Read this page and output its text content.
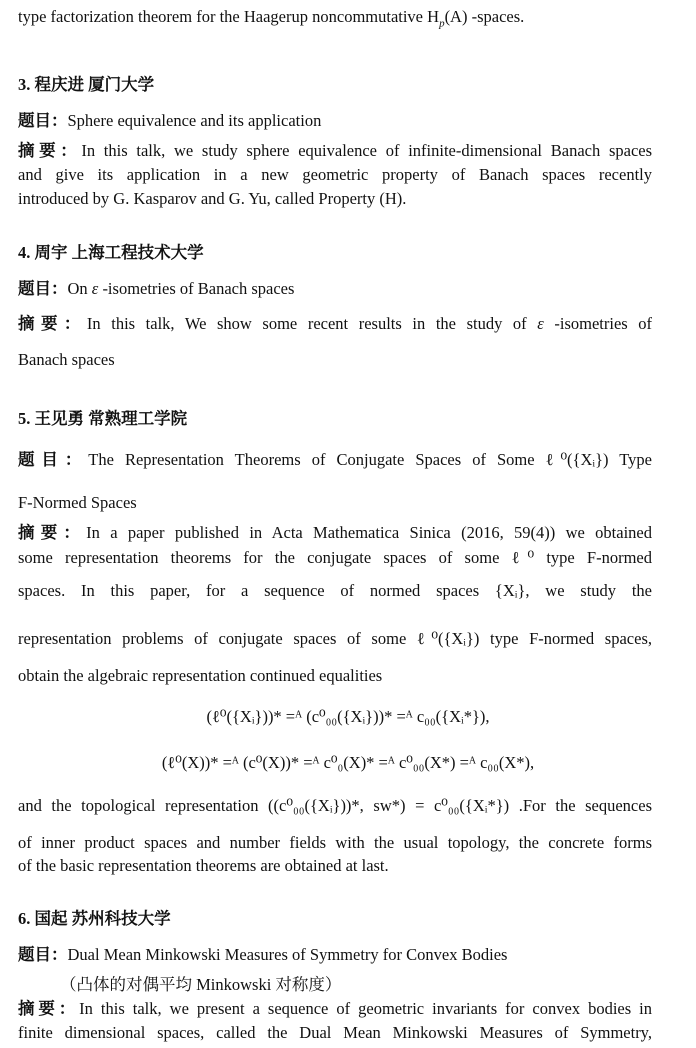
type factorization theorem for the Haagerup noncommutative $H_p(A)$ -spaces.
3. 程庆进 厦门大学
题目：Sphere equivalence and its application
摘要：In this talk, we study sphere equivalence of infinite-dimensional Banach spaces
and give its application in a new geometric property of Banach spaces recently
introduced by G. Kasparov and G. Yu, called Property (H).
4. 周宇 上海工程技术大学
题目：On ε -isometries of Banach spaces
摘要：In this talk, We show some recent results in the study of ε -isometries of
Banach spaces
5. 王见勇 常熟理工学院
题目：The Representation Theorems of Conjugate Spaces of Some ℓ⁰({Xᵢ}) Type
F-Normed Spaces
摘要：In a paper published in Acta Mathematica Sinica (2016, 59(4)) we obtained
some representation theorems for the conjugate spaces of some ℓ⁰ type F-normed
spaces. In this paper, for a sequence of normed spaces {Xᵢ}, we study the
representation problems of conjugate spaces of some ℓ⁰({Xᵢ}) type F-normed spaces,
obtain the algebraic representation continued equalities
(ℓ⁰({Xᵢ}))* =ᴬ (c⁰₀₀({Xᵢ}))* =ᴬ c₀₀({Xᵢ*}),
(ℓ⁰(X))* =ᴬ (c⁰(X))* =ᴬ c⁰₀(X)* =ᴬ c⁰₀₀(X*) =ᴬ c₀₀(X*),
and the topological representation ((c⁰₀₀({Xᵢ}))*, sw*) = c⁰₀₀({Xᵢ*}) .For the sequences
of inner product spaces and number fields with the usual topology, the concrete forms
of the basic representation theorems are obtained at last.
6. 国起 苏州科技大学
题目：Dual Mean Minkowski Measures of Symmetry for Convex Bodies
（凸体的对偶平均 Minkowski 对称度）
摘要：In this talk, we present a sequence of geometric invariants for convex bodies in
finite dimensional spaces, called the Dual Mean Minkowski Measures of Symmetry,
